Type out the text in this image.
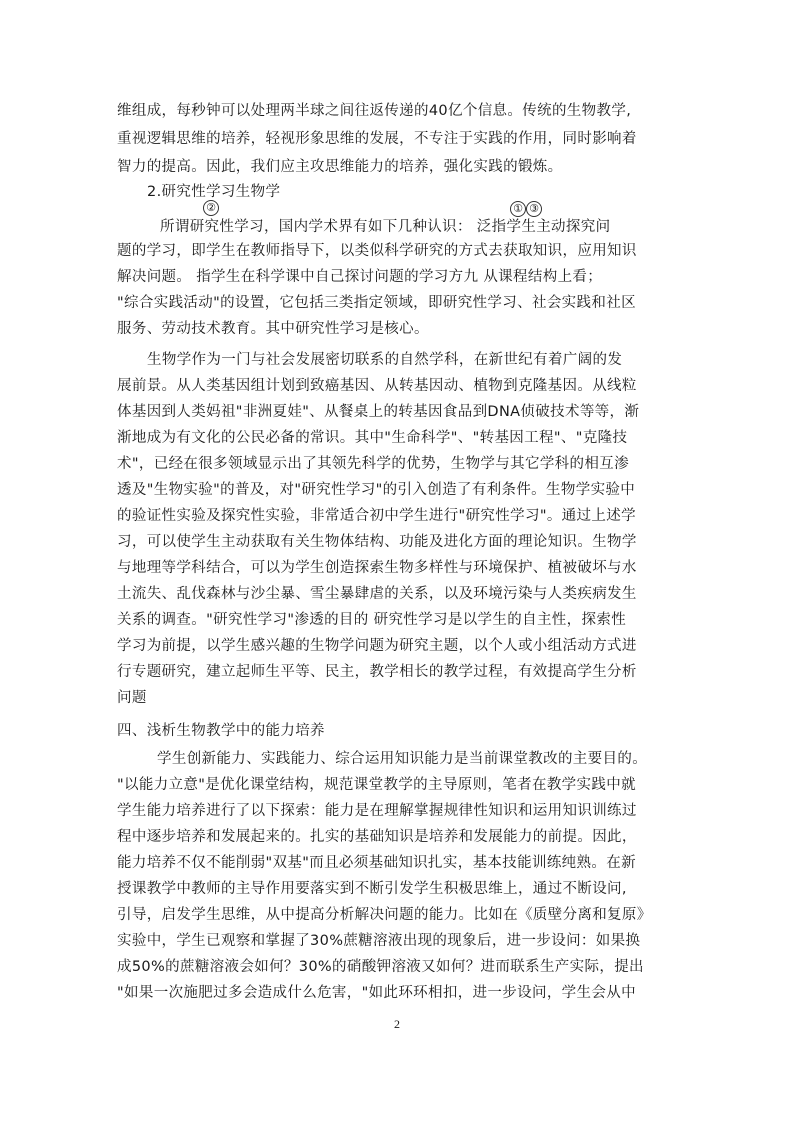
维组成，每秒钟可以处理两半球之间往返传递的40亿个信息。传统的生物教学,
重视逻辑思维的培养，轻视形象思维的发展，不专注于实践的作用，同时影响着
智力的提高。因此，我们应主攻思维能力的培养，强化实践的锻炼。
2.研究性学习生物学
②	① ③
所谓研究性学习，国内学术界有如下几种认识： 泛指学生主动探究问
题的学习，即学生在教师指导下，以类似科学研究的方式去获取知识，应用知识
解决问题。 指学生在科学课中自己探讨问题的学习方九 从课程结构上看；
"综合实践活动"的设置，它包括三类指定领域，即研究性学习、社会实践和社区
服务、劳动技术教育。其中研究性学习是核心。
生物学作为一门与社会发展密切联系的自然学科，在新世纪有着广阔的发
展前景。从人类基因组计划到致癌基因、从转基因动、植物到克隆基因。从线粒
体基因到人类妈祖"非洲夏娃"、从餐桌上的转基因食品到DNA侦破技术等等，渐
渐地成为有文化的公民必备的常识。其中"生命科学"、"转基因工程"、"克隆技
术"，已经在很多领域显示出了其领先科学的优势，生物学与其它学科的相互渗
透及"生物实验"的普及，对"研究性学习"的引入创造了有利条件。生物学实验中
的验证性实验及探究性实验，非常适合初中学生进行"研究性学习"。通过上述学
习，可以使学生主动获取有关生物体结构、功能及进化方面的理论知识。生物学
与地理等学科结合，可以为学生创造探索生物多样性与环境保护、植被破坏与水
土流失、乱伐森林与沙尘暴、雪尘暴肆虐的关系，以及环境污染与人类疾病发生
关系的调查。"研究性学习"渗透的目的 研究性学习是以学生的自主性，探索性
学习为前提，以学生感兴趣的生物学问题为研究主题，以个人或小组活动方式进
行专题研究，建立起师生平等、民主，教学相长的教学过程，有效提高学生分析
问题
四、浅析生物教学中的能力培养
学生创新能力、实践能力、综合运用知识能力是当前课堂教改的主要目的。
"以能力立意"是优化课堂结构，规范课堂教学的主导原则，笔者在教学实践中就
学生能力培养进行了以下探索：能力是在理解掌握规律性知识和运用知识训练过
程中逐步培养和发展起来的。扎实的基础知识是培养和发展能力的前提。因此，
能力培养不仅不能削弱"双基"而且必须基础知识扎实，基本技能训练纯熟。在新
授课教学中教师的主导作用要落实到不断引发学生积极思维上，通过不断设问,
引导，启发学生思维，从中提高分析解决问题的能力。比如在《质壁分离和复原》
实验中，学生已观察和掌握了30%蔗糖溶液出现的现象后，进一步设问：如果换
成50%的蔗糖溶液会如何？30%的硝酸钾溶液又如何？进而联系生产实际，提出
"如果一次施肥过多会造成什么危害，"如此环环相扣，进一步设问，学生会从中
2
